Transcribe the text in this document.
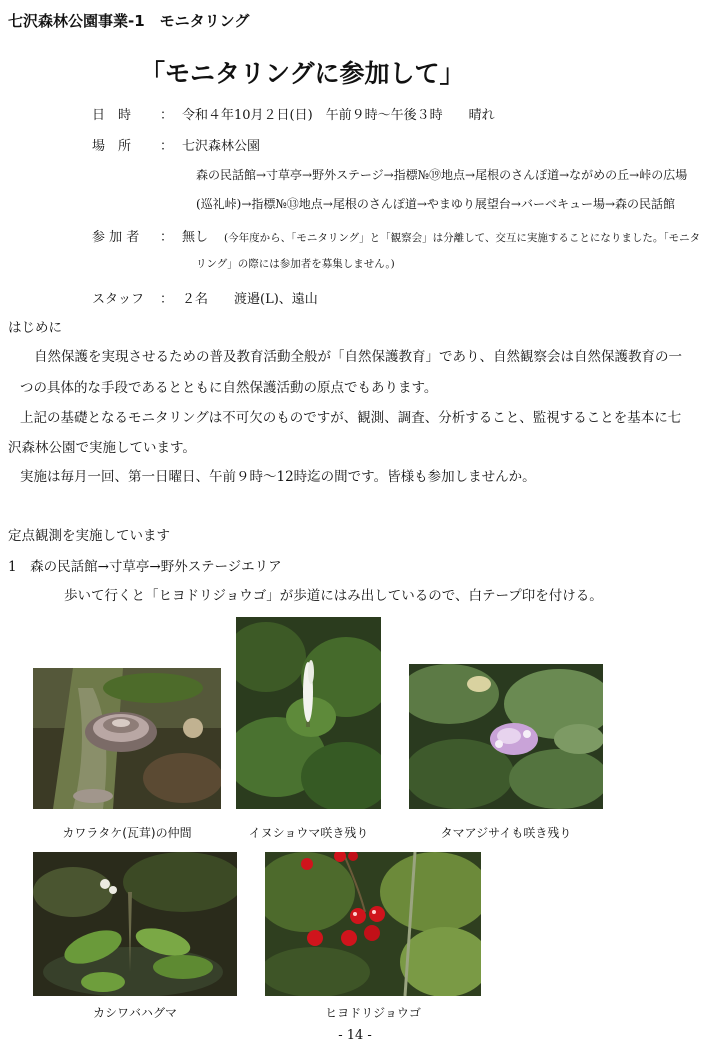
七沢森林公園事業-1　モニタリング
「モニタリングに参加して」
日　時 ： 令和４年10月２日(日)　午前９時〜午後３時　　晴れ
場　所 ： 七沢森林公園
森の民話館→寸草亭→野外ステージ→指標№⑲地点→尾根のさんぽ道→ながめの丘→峠の広場
(巡礼峠)→指標№⑬地点→尾根のさんぽ道→やまゆり展望台→バーベキュー場→森の民話館
参 加 者 ： 無し (今年度から、「モニタリング」と「観察会」は分離して、交互に実施することになりました。「モニタ
リング」の際には参加者を募集しません。)
スタッフ ： ２名　　渡邉(L)、遠山
はじめに
自然保護を実現させるための普及教育活動全般が「自然保護教育」であり、自然観察会は自然保護教育の一
つの具体的な手段であるとともに自然保護活動の原点でもあります。
上記の基礎となるモニタリングは不可欠のものですが、観測、調査、分析すること、監視することを基本に七
沢森林公園で実施しています。
実施は毎月一回、第一日曜日、午前９時〜12時迄の間です。皆様も参加しませんか。
定点観測を実施しています
1　森の民話館→寸草亭→野外ステージエリア
歩いて行くと「ヒヨドリジョウゴ」が歩道にはみ出しているので、白テープ印を付ける。
カワラタケ(瓦茸)の仲間	イヌショウマ咲き残り	タマアジサイも咲き残り
カシワバハグマ	ヒヨドリジョウゴ
- 14 -
